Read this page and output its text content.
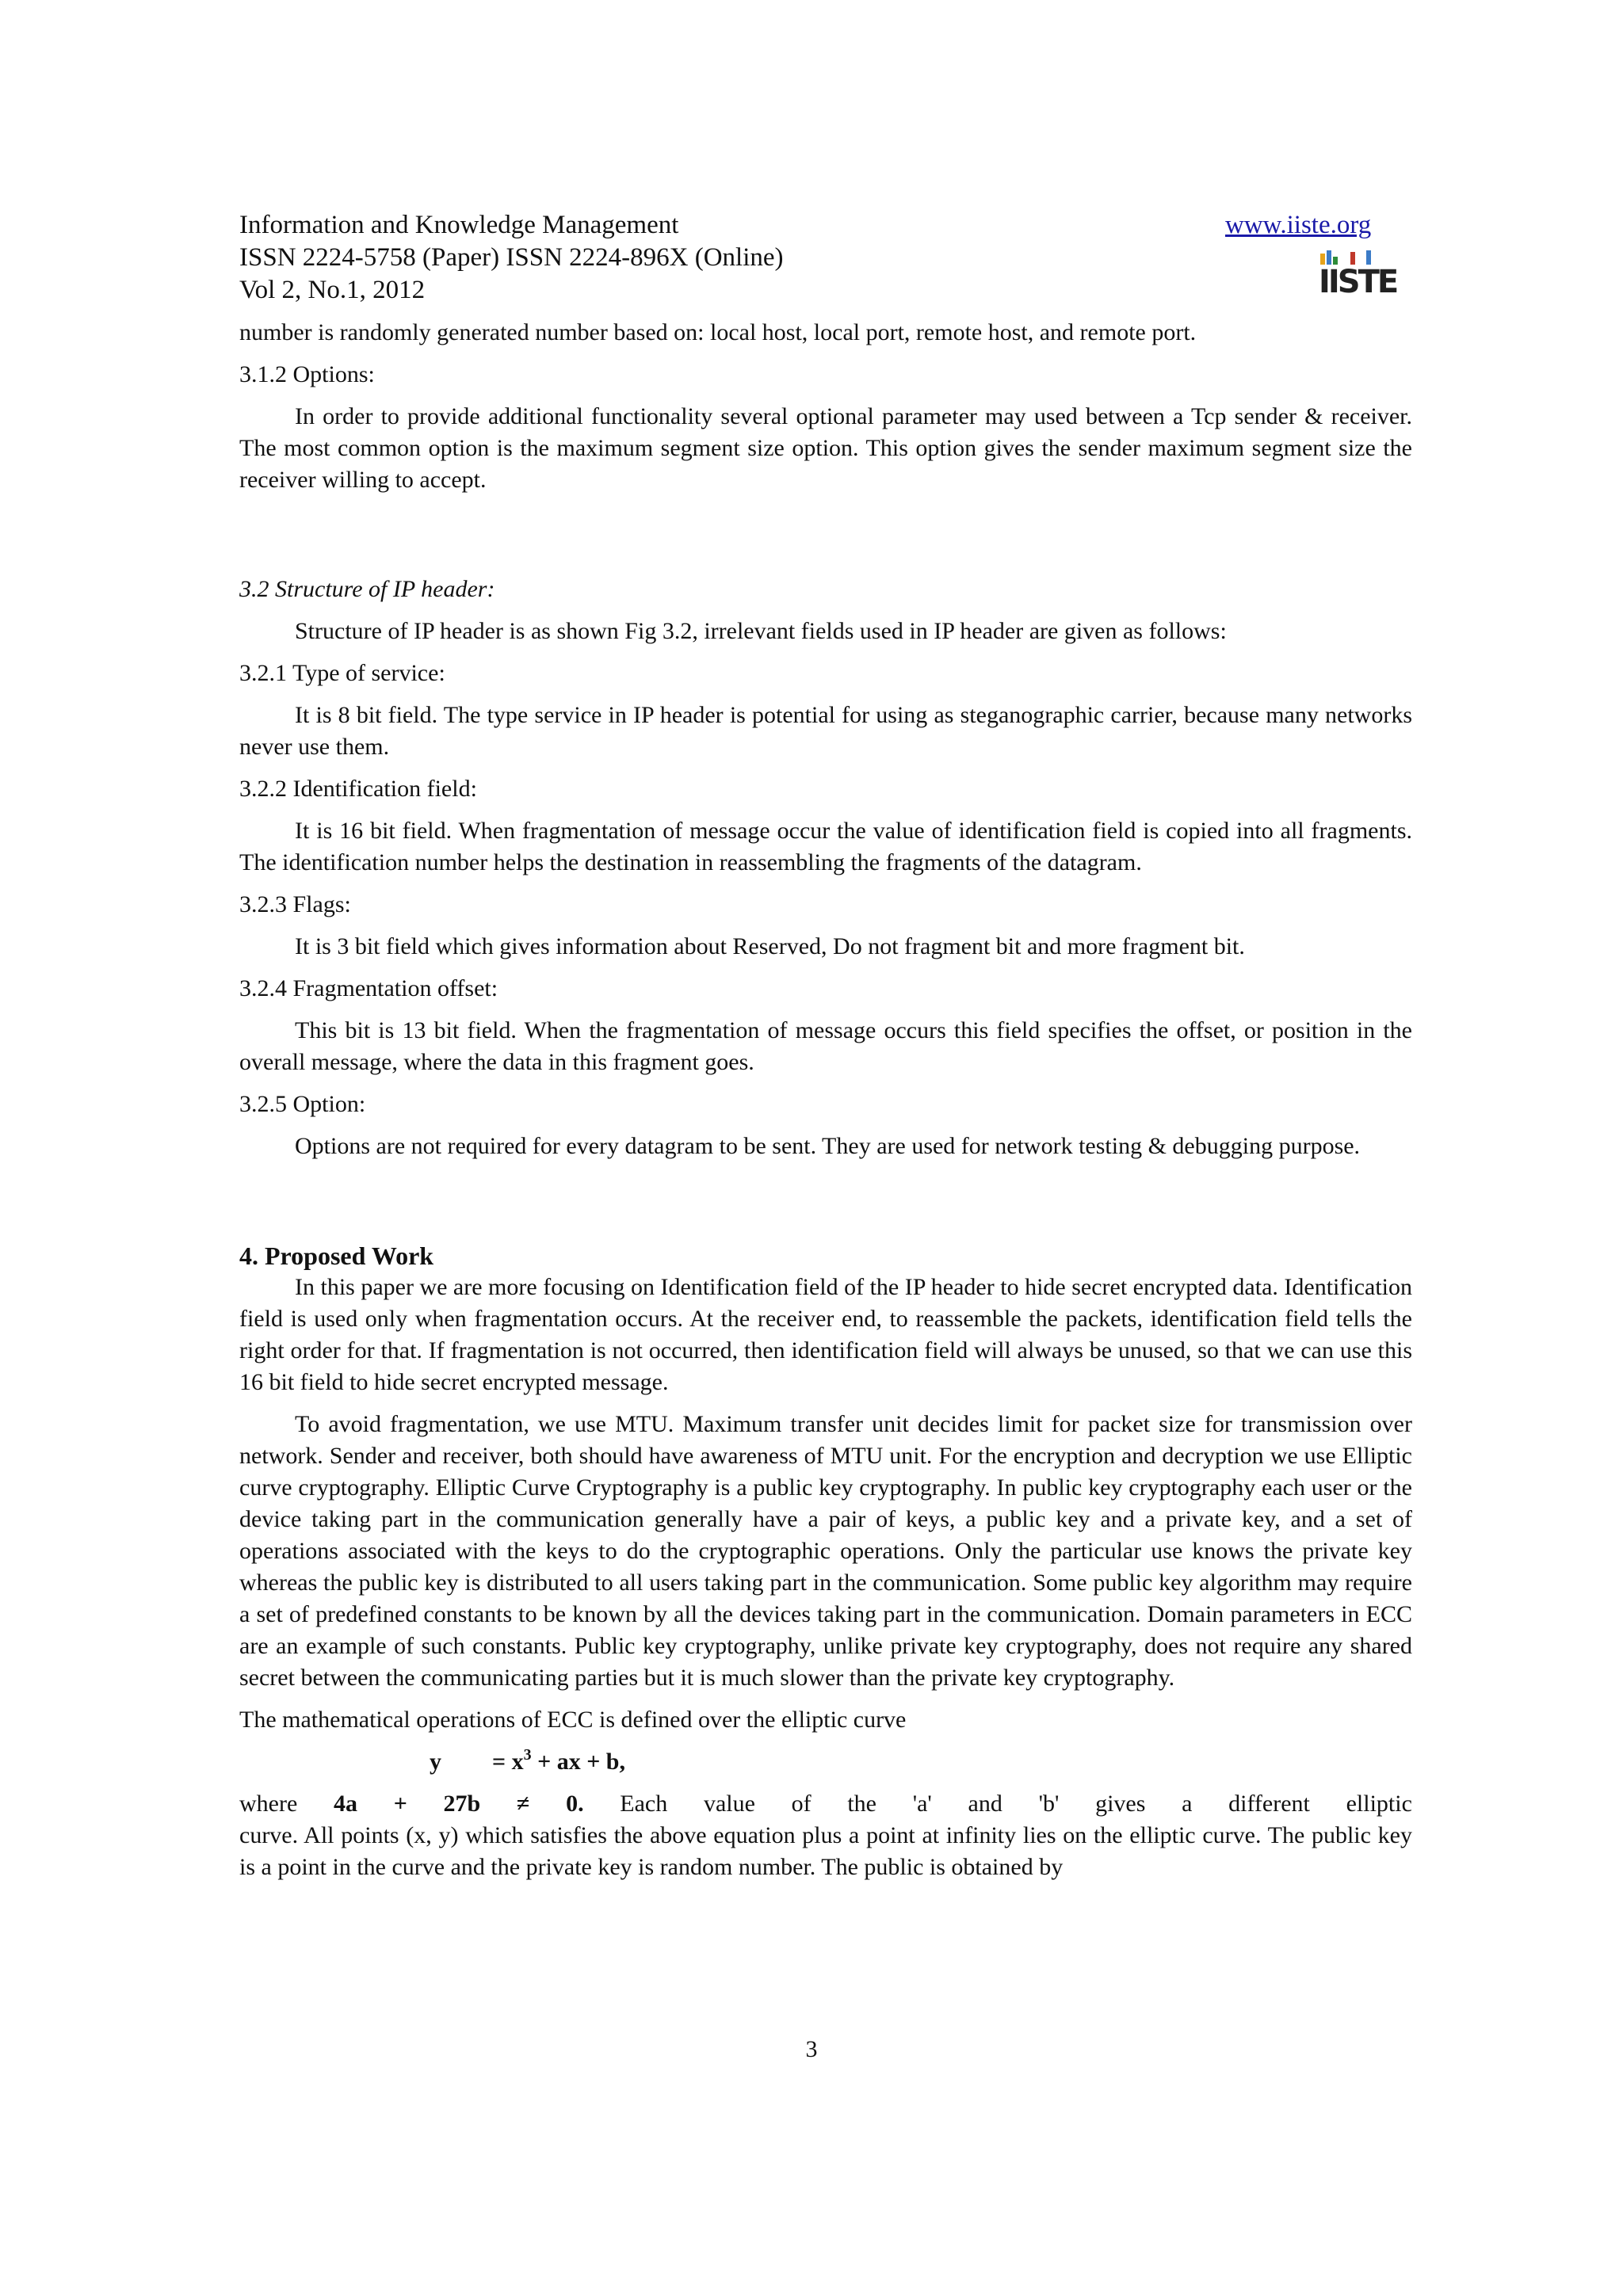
Information and Knowledge Management
ISSN 2224-5758 (Paper) ISSN 2224-896X (Online)
Vol 2, No.1, 2012
www.iiste.org
IISTE

number is randomly generated number based on: local host, local port, remote host, and remote port.

3.1.2 Options:

In order to provide additional functionality several optional parameter may used between a Tcp sender & receiver. The most common option is the maximum segment size option. This option gives the sender maximum segment size the receiver willing to accept.

3.2 Structure of IP header:

Structure of IP header is as shown Fig 3.2, irrelevant fields used in IP header are given as follows:

3.2.1 Type of service:

It is 8 bit field. The type service in IP header is potential for using as steganographic carrier, because many networks never use them.

3.2.2 Identification field:

It is 16 bit field. When fragmentation of message occur the value of identification field is copied into all fragments. The identification number helps the destination in reassembling the fragments of the datagram.

3.2.3 Flags:

It is 3 bit field which gives information about Reserved, Do not fragment bit and more fragment bit.

3.2.4 Fragmentation offset:

This bit is 13 bit field. When the fragmentation of message occurs this field specifies the offset, or position in the overall message, where the data in this fragment goes.

3.2.5 Option:

Options are not required for every datagram to be sent. They are used for network testing & debugging purpose.

4. Proposed Work

In this paper we are more focusing on Identification field of the IP header to hide secret encrypted data. Identification field is used only when fragmentation occurs. At the receiver end, to reassemble the packets, identification field tells the right order for that. If fragmentation is not occurred, then identification field will always be unused, so that we can use this 16 bit field to hide secret encrypted message.

To avoid fragmentation, we use MTU. Maximum transfer unit decides limit for packet size for transmission over network. Sender and receiver, both should have awareness of MTU unit. For the encryption and decryption we use Elliptic curve cryptography. Elliptic Curve Cryptography is a public key cryptography. In public key cryptography each user or the device taking part in the communication generally have a pair of keys, a public key and a private key, and a set of operations associated with the keys to do the cryptographic operations. Only the particular use knows the private key whereas the public key is distributed to all users taking part in the communication. Some public key algorithm may require a set of predefined constants to be known by all the devices taking part in the communication. Domain parameters in ECC are an example of such constants. Public key cryptography, unlike private key cryptography, does not require any shared secret between the communicating parties but it is much slower than the private key cryptography.

The mathematical operations of ECC is defined over the elliptic curve

$y = x^3$ + ax + b,

where 4a + 27b ≠ 0. Each value of the 'a' and 'b' gives a different elliptic

curve. All points (x, y) which satisfies the above equation plus a point at infinity lies on the elliptic curve. The public key is a point in the curve and the private key is random number. The public is obtained by

3
